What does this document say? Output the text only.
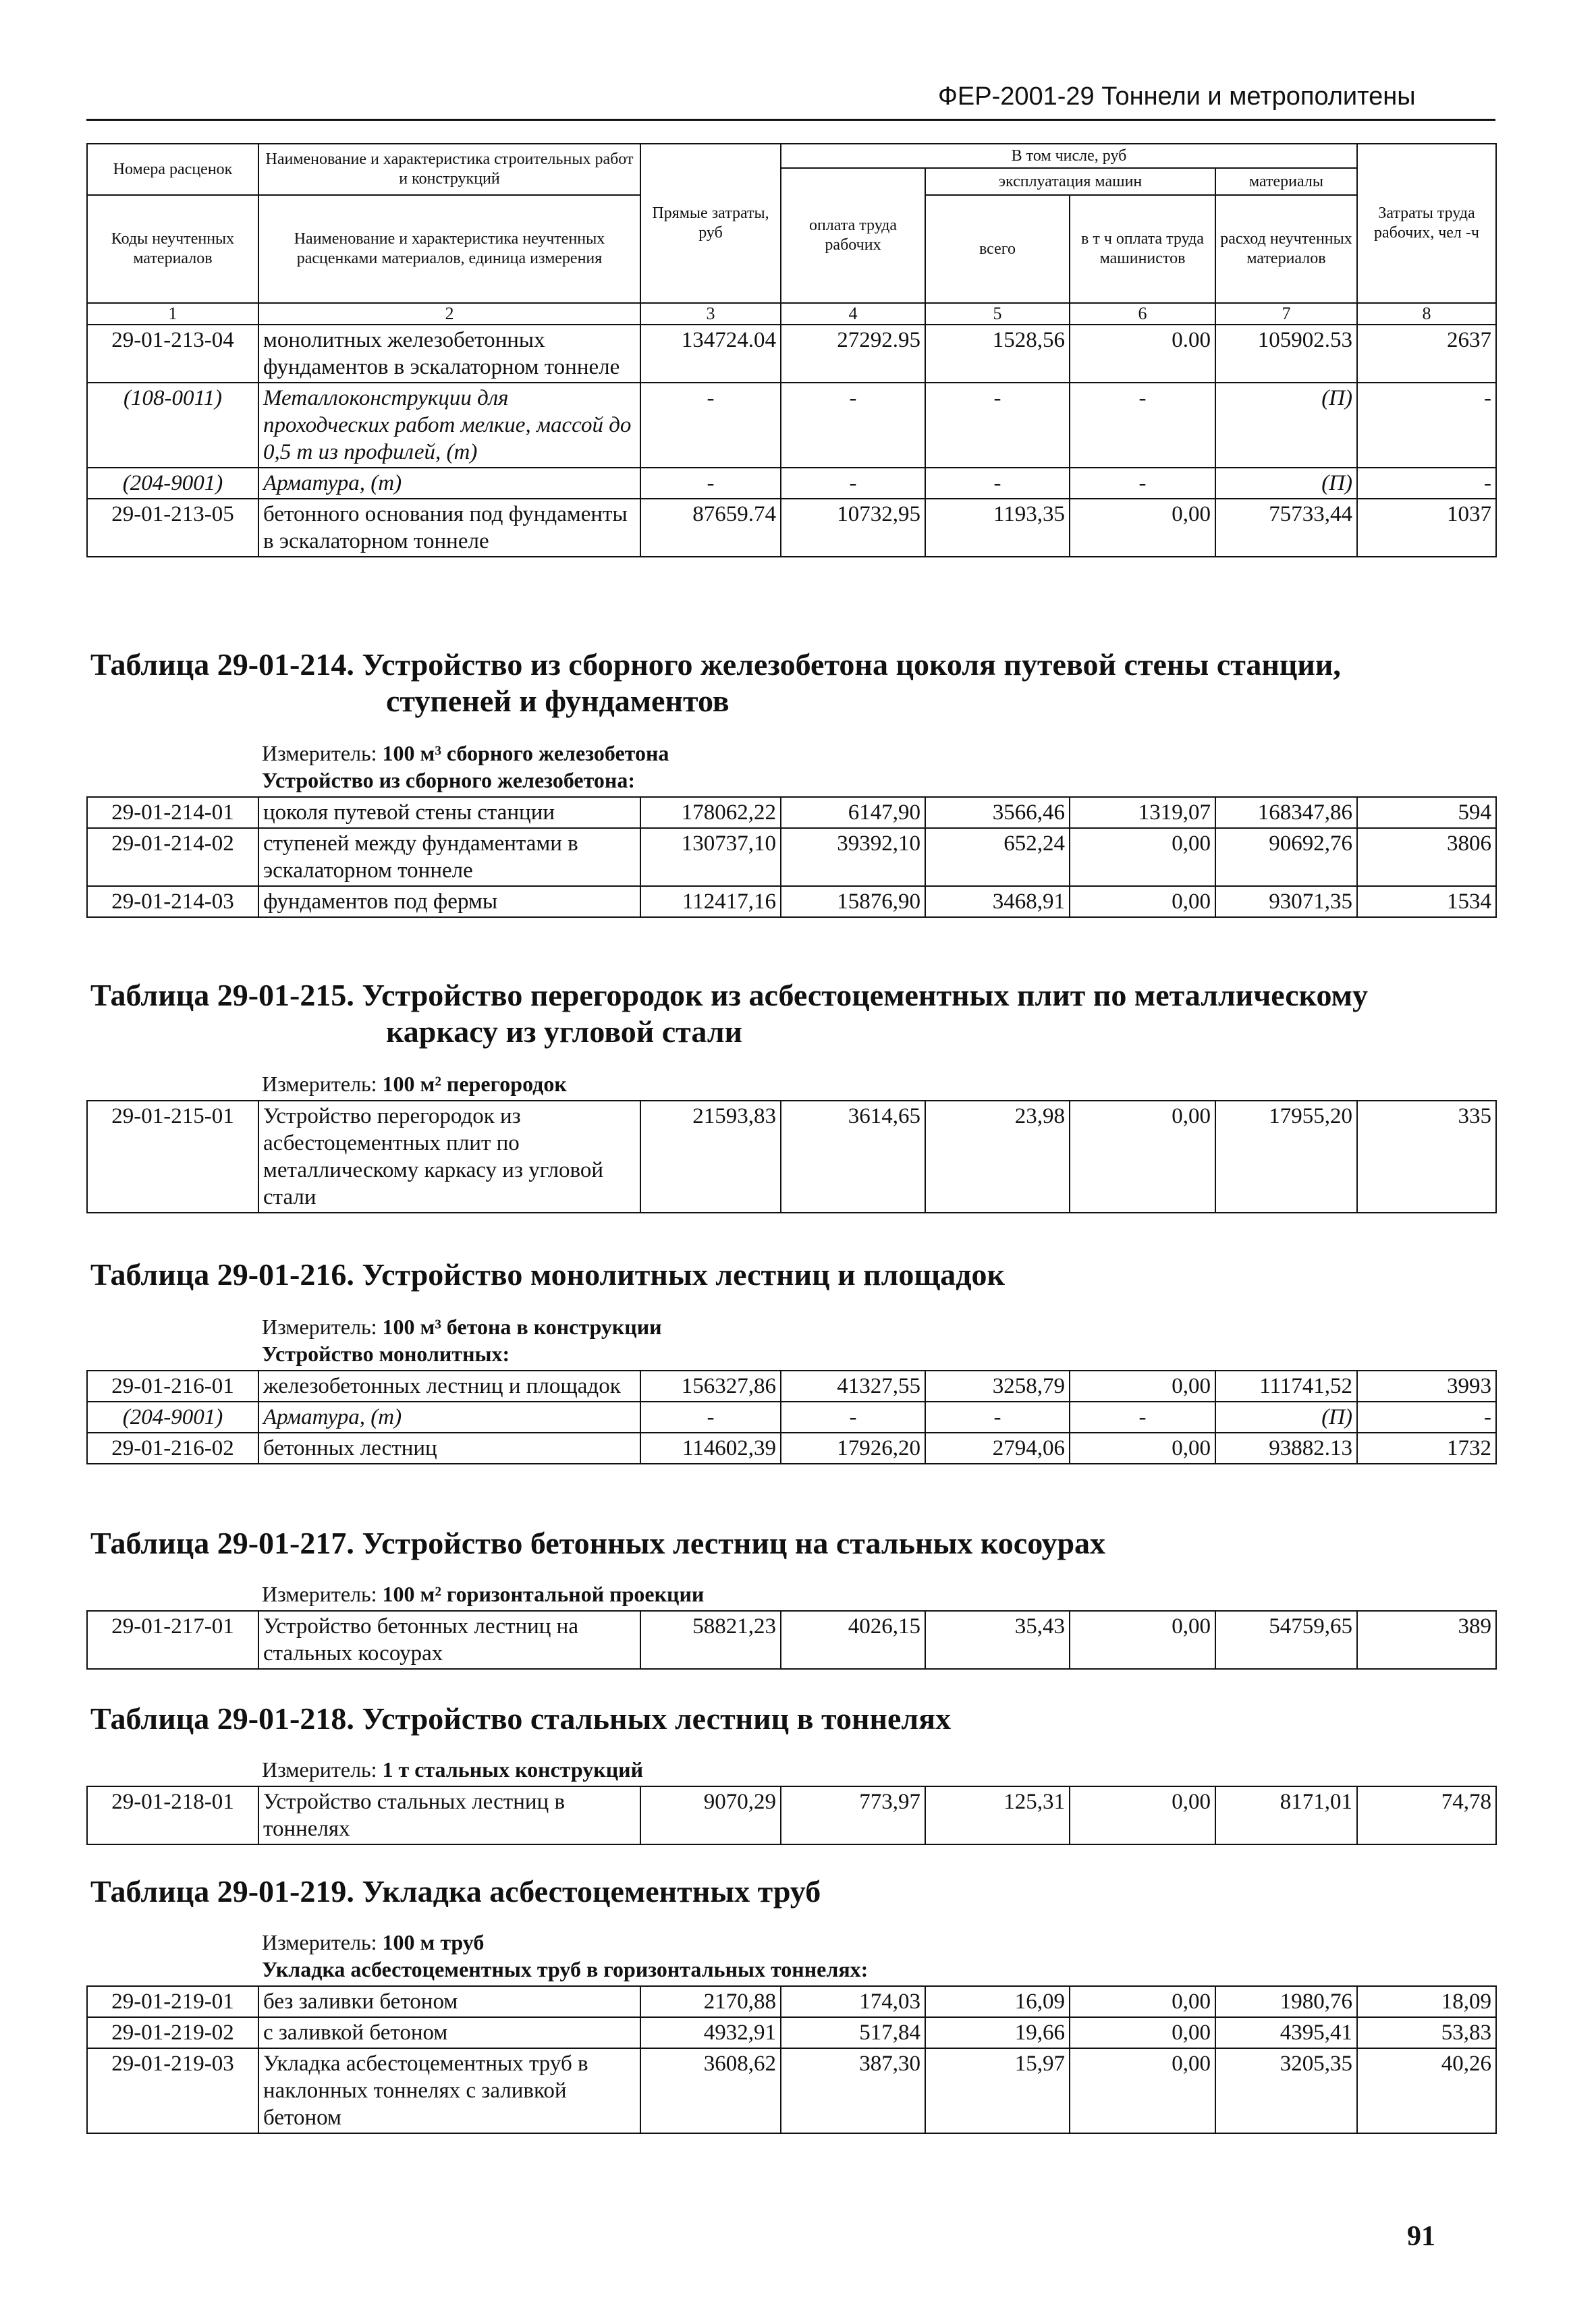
ФЕР-2001-29 Тоннели и метрополитены
Номера расценок	Наименование и характеристика строительных работ и конструкций	Прямые затраты, руб	В том числе, руб				Затраты труда рабочих, чел -ч
			оплата труда рабочих	эксплуатация машин		материалы	
Коды неучтенных материалов	Наименование и характеристика неучтенных расценками материалов, единица измерения			всего	в т ч оплата труда машинистов	расход неучтенных материалов	

1	2	3	4	5	6	7	8
29-01-213-04	монолитных железобетонных фундаментов в эскалаторном тоннеле	134724.04	27292.95	1528,56	0.00	105902.53	2637
(108-0011)	Металлоконструкции для проходческих работ мелкие, массой до 0,5 т из профилей, (т)	-	-	-	-	(П)	-
(204-9001)	Арматура, (т)	-	-	-	-	(П)	-
29-01-213-05	бетонного основания под фундаменты в эскалаторном тоннеле	87659.74	10732,95	1193,35	0,00	75733,44	1037
Таблица 29-01-214. Устройство из сборного железобетона цоколя путевой стены станции,
ступеней и фундаментов
Измеритель: 100 м³ сборного железобетона
Устройство из сборного железобетона:
29-01-214-01	цоколя путевой стены станции	178062,22	6147,90	3566,46	1319,07	168347,86	594
29-01-214-02	ступеней между фундаментами в эскалаторном тоннеле	130737,10	39392,10	652,24	0,00	90692,76	3806
29-01-214-03	фундаментов под фермы	112417,16	15876,90	3468,91	0,00	93071,35	1534
Таблица 29-01-215. Устройство перегородок из асбестоцементных плит по металлическому
каркасу из угловой стали
Измеритель: 100 м² перегородок
29-01-215-01	Устройство перегородок из асбестоцементных плит по металлическому каркасу из угловой стали	21593,83	3614,65	23,98	0,00	17955,20	335
Таблица 29-01-216. Устройство монолитных лестниц и площадок
Измеритель: 100 м³ бетона в конструкции
Устройство монолитных:
29-01-216-01	железобетонных лестниц и площадок	156327,86	41327,55	3258,79	0,00	111741,52	3993
(204-9001)	Арматура, (т)	-	-	-	-	(П)	-
29-01-216-02	бетонных лестниц	114602,39	17926,20	2794,06	0,00	93882.13	1732
Таблица 29-01-217. Устройство бетонных лестниц на стальных косоурах
Измеритель: 100 м² горизонтальной проекции
29-01-217-01	Устройство бетонных лестниц на стальных косоурах	58821,23	4026,15	35,43	0,00	54759,65	389
Таблица 29-01-218. Устройство стальных лестниц в тоннелях
Измеритель: 1 т стальных конструкций
29-01-218-01	Устройство стальных лестниц в тоннелях	9070,29	773,97	125,31	0,00	8171,01	74,78
Таблица 29-01-219. Укладка асбестоцементных труб
Измеритель: 100 м труб
Укладка асбестоцементных труб в горизонтальных тоннелях:
29-01-219-01	без заливки бетоном	2170,88	174,03	16,09	0,00	1980,76	18,09
29-01-219-02	с заливкой бетоном	4932,91	517,84	19,66	0,00	4395,41	53,83
29-01-219-03	Укладка асбестоцементных труб в наклонных тоннелях с заливкой бетоном	3608,62	387,30	15,97	0,00	3205,35	40,26
91
